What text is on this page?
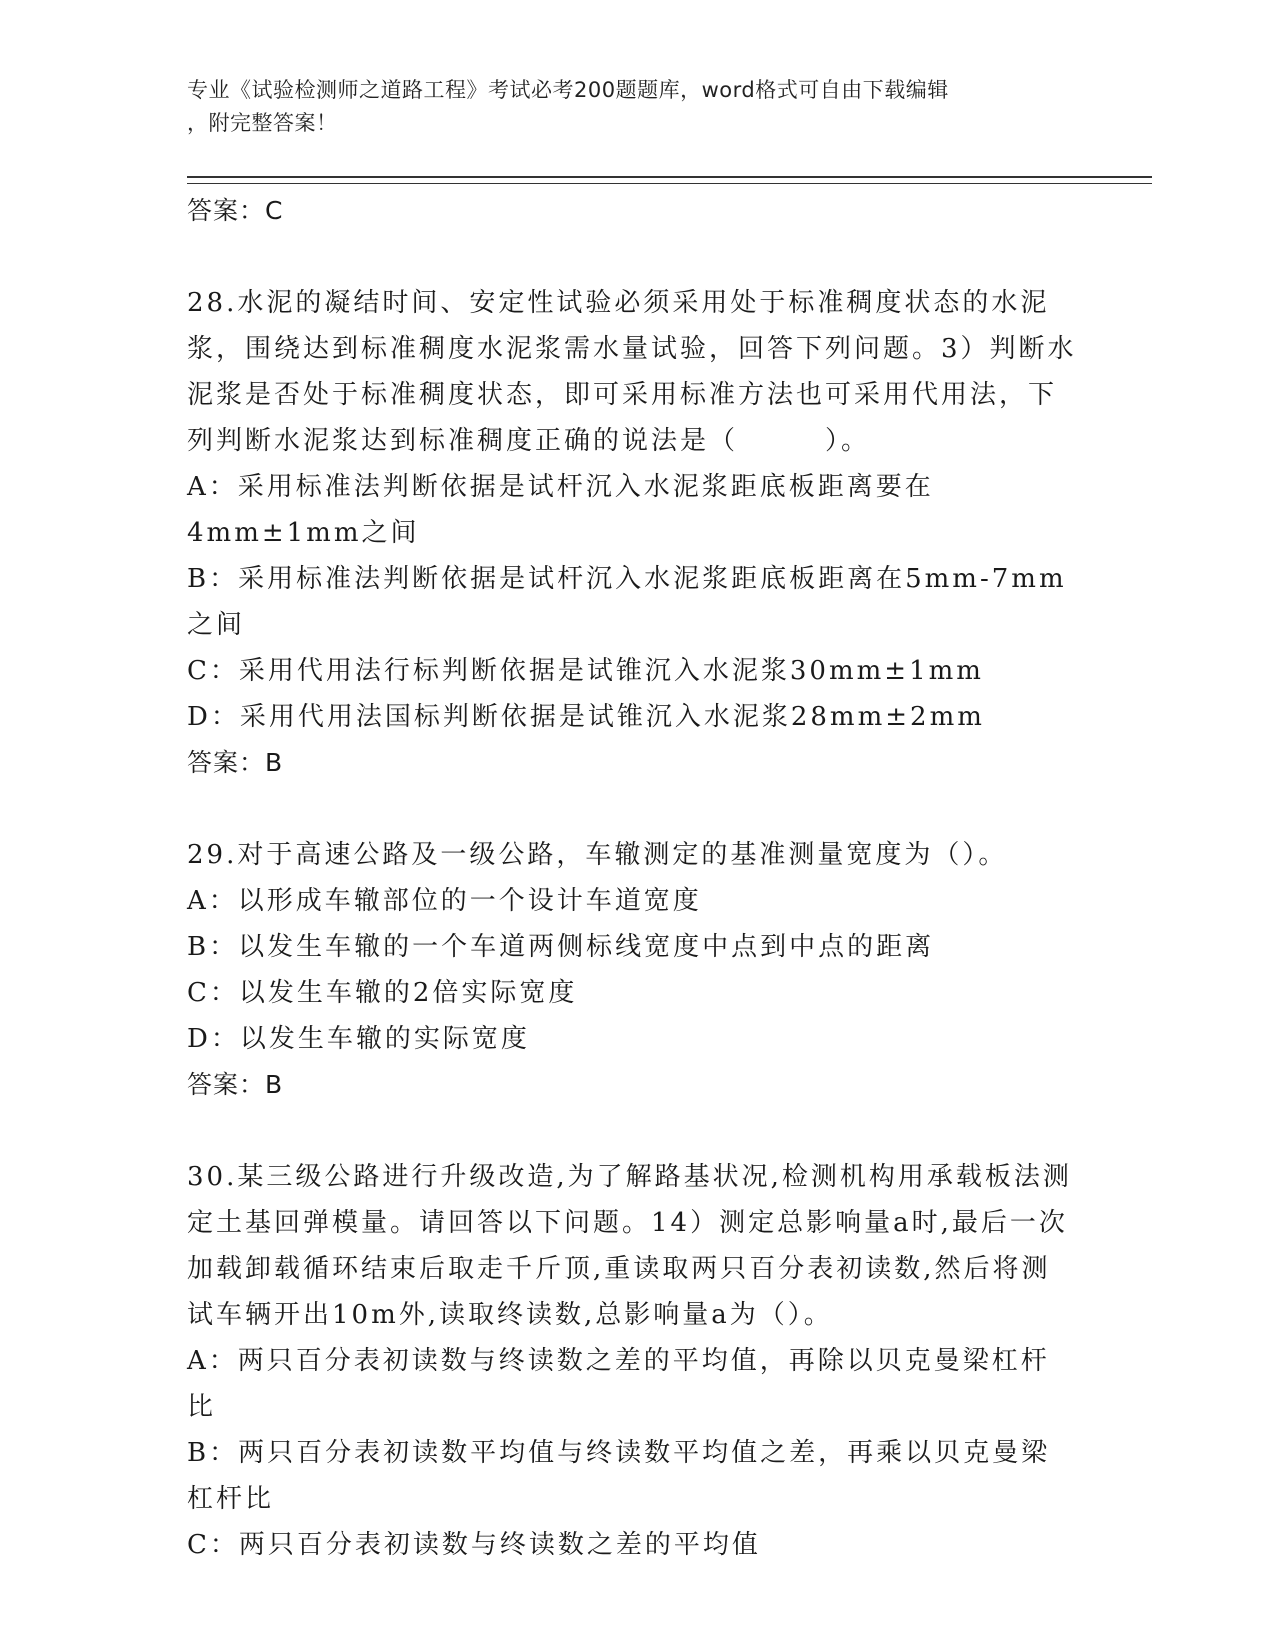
专业《试验检测师之道路工程》考试必考200题题库，word格式可自由下载编辑
，附完整答案！
答案：C
28.水泥的凝结时间、安定性试验必须采用处于标准稠度状态的水泥浆，围绕达到标准稠度水泥浆需水量试验，回答下列问题。3）判断水泥浆是否处于标准稠度状态，即可采用标准方法也可采用代用法，下列判断水泥浆达到标准稠度正确的说法是（　　　）。
A：采用标准法判断依据是试杆沉入水泥浆距底板距离要在4mm±1mm之间
B：采用标准法判断依据是试杆沉入水泥浆距底板距离在5mm-7mm之间
C：采用代用法行标判断依据是试锥沉入水泥浆30mm±1mm
D：采用代用法国标判断依据是试锥沉入水泥浆28mm±2mm
答案：B
29.对于高速公路及一级公路，车辙测定的基准测量宽度为（）。
A：以形成车辙部位的一个设计车道宽度
B：以发生车辙的一个车道两侧标线宽度中点到中点的距离
C：以发生车辙的2倍实际宽度
D：以发生车辙的实际宽度
答案：B
30.某三级公路进行升级改造,为了解路基状况,检测机构用承载板法测定土基回弹模量。请回答以下问题。14）测定总影响量a时,最后一次加载卸载循环结束后取走千斤顶,重读取两只百分表初读数,然后将测试车辆开出10m外,读取终读数,总影响量a为（）。
A：两只百分表初读数与终读数之差的平均值，再除以贝克曼梁杠杆比
B：两只百分表初读数平均值与终读数平均值之差，再乘以贝克曼梁杠杆比
C：两只百分表初读数与终读数之差的平均值
